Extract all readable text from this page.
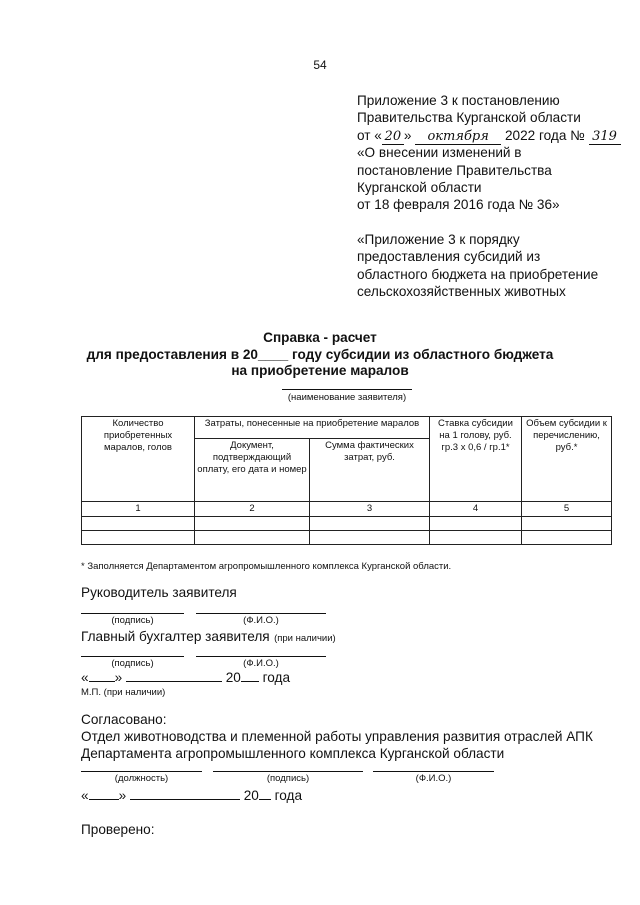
54
Приложение 3 к постановлению
Правительства Курганской области
от « 20 » октября 2022 года № 319
«О внесении изменений в
постановление Правительства
Курганской области
от 18 февраля 2016 года № 36»
«Приложение 3 к порядку
предоставления субсидий из
областного бюджета на приобретение
сельскохозяйственных животных
Справка - расчет
для предоставления в 20____ году субсидии из областного бюджета
на приобретение маралов
(наименование заявителя)
Количество приобретенных маралов, голов	Затраты, понесенные на приобретение маралов		Ставка субсидии на 1 голову, руб. гр.3 х 0,6 / гр.1*	Объем субсидии к перечислению, руб.*
	Документ, подтверждающий оплату, его дата и номер	Сумма фактических затрат, руб.		
1	2	3	4	5

* Заполняется Департаментом агропромышленного комплекса Курганской области.
Руководитель заявителя
(подпись)	(Ф.И.О.)
Главный бухгалтер заявителя (при наличии)
(подпись)	(Ф.И.О.)
« »	20 года
М.П. (при наличии)
Согласовано:
Отдел животноводства и племенной работы управления развития отраслей АПК
Департамента агропромышленного комплекса Курганской области
(должность)	(подпись)	(Ф.И.О.)
« »	20 года
Проверено:
